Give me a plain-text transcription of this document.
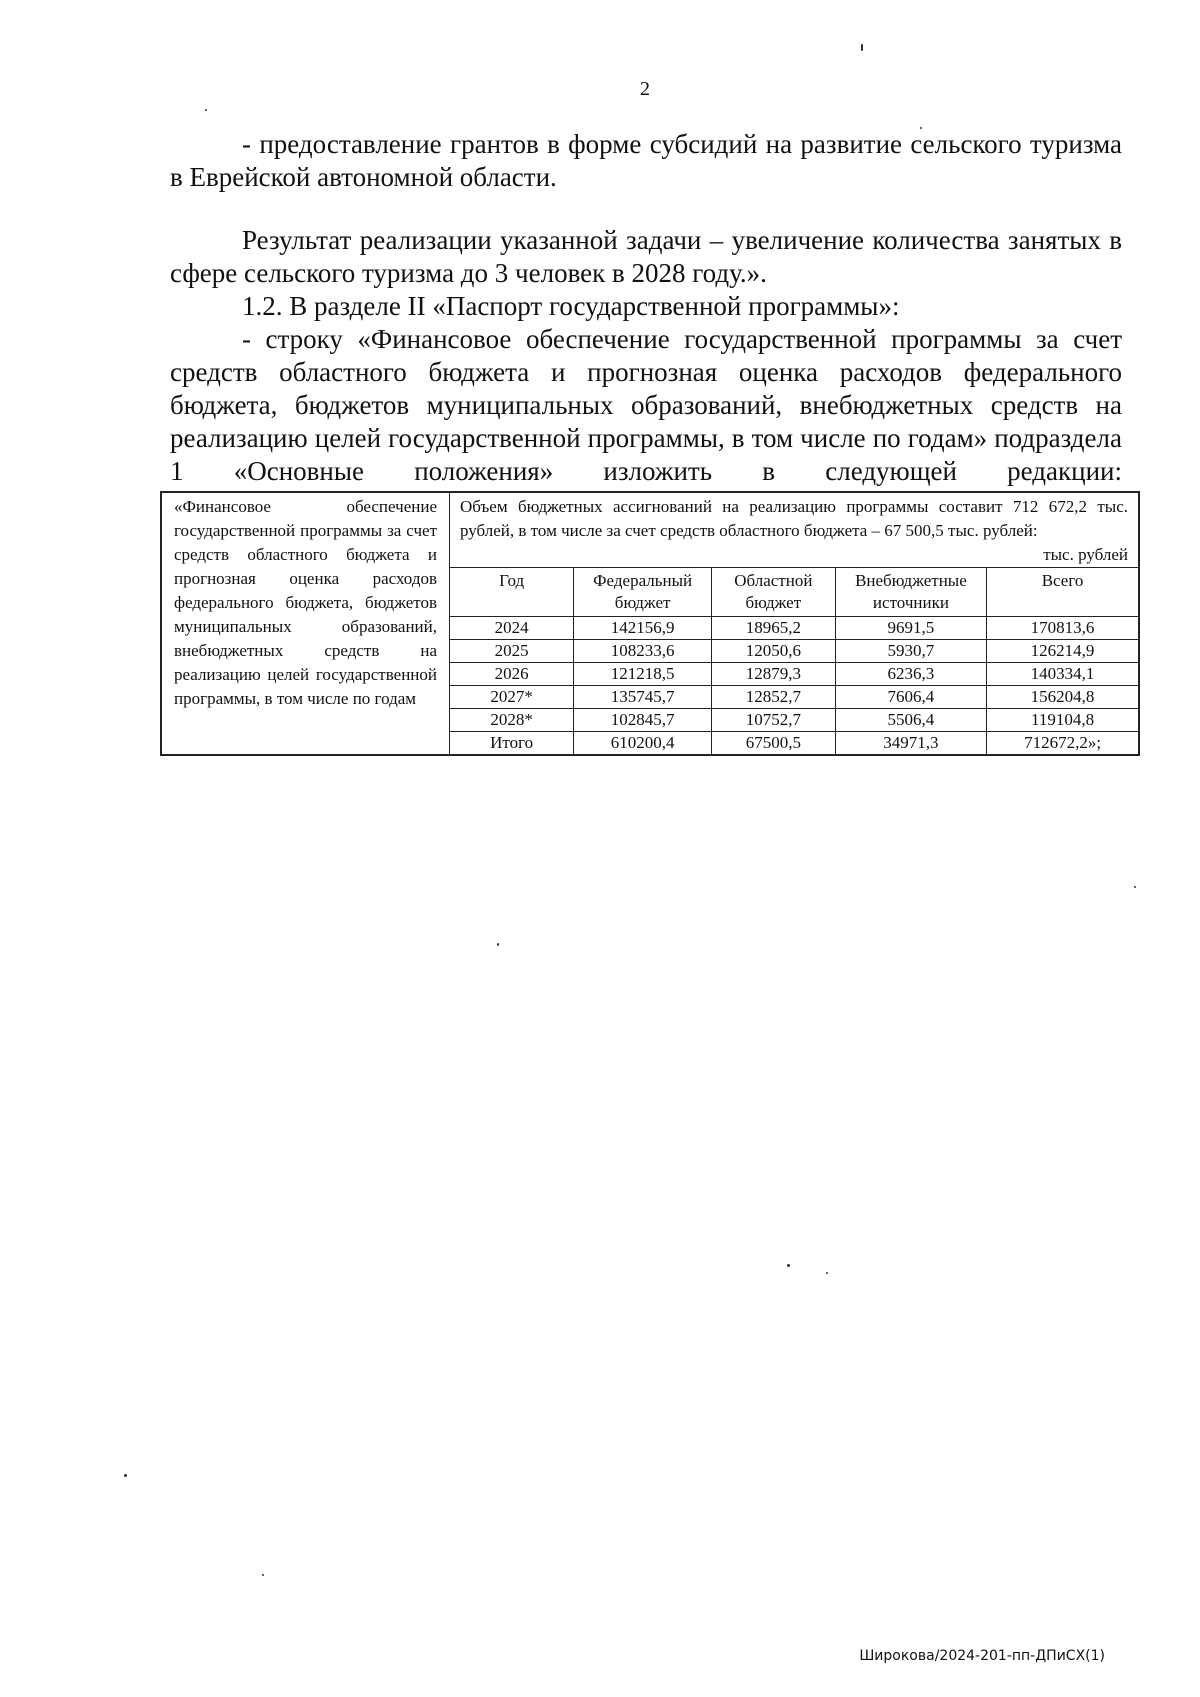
2

- предоставление грантов в форме субсидий на развитие сельского туризма в Еврейской автономной области.

Результат реализации указанной задачи – увеличение количества занятых в сфере сельского туризма до 3 человек в 2028 году.».

1.2. В разделе II «Паспорт государственной программы»:

- строку «Финансовое обеспечение государственной программы за счет средств областного бюджета и прогнозная оценка расходов федерального бюджета, бюджетов муниципальных образований, внебюджетных средств на реализацию целей государственной программы, в том числе по годам» подраздела 1 «Основные положения» изложить в следующей редакции:

«Финансовое обеспечение государственной программы за счет средств областного бюджета и прогнозная оценка расходов федерального бюджета, бюджетов муниципальных образований, внебюджетных средств на реализацию целей государственной программы, в том числе по годам	
Объем бюджетных ассигнований на реализацию программы составит 712 672,2 тыс. рублей, в том числе за счет средств областного бюджета – 67 500,5 тыс. рублей:
тыс. рублей
Год	Федеральный бюджет	Областной бюджет	Внебюджетные источники	Всего
2024	142156,9	18965,2	9691,5	170813,6
2025	108233,6	12050,6	5930,7	126214,9
2026	121218,5	12879,3	6236,3	140334,1
2027*	135745,7	12852,7	7606,4	156204,8
2028*	102845,7	10752,7	5506,4	119104,8
Итого	610200,4	67500,5	34971,3	712672,2»;
Широкова/2024-201-пп-ДПиСХ(1)
